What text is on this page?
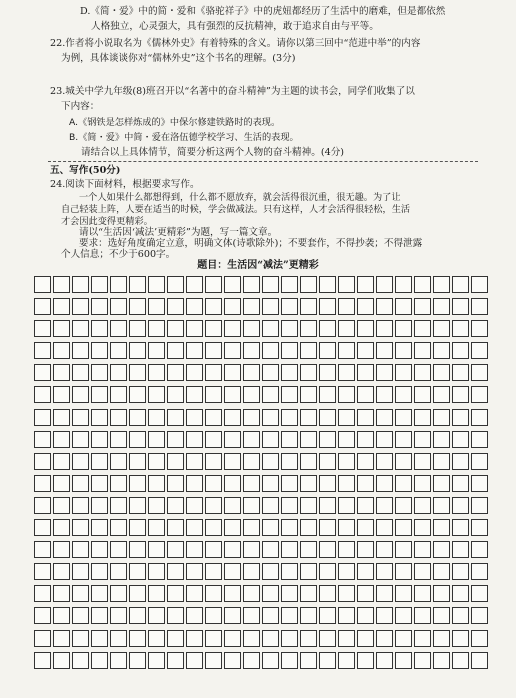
D.《简・爱》中的简・爱和《骆驼祥子》中的虎妞都经历了生活中的磨难，但是都依然
人格独立，心灵强大，具有强烈的反抗精神，敢于追求自由与平等。
22.作者将小说取名为《儒林外史》有着特殊的含义。请你以第三回中“范进中举”的内容
为例，具体谈谈你对“儒林外史”这个书名的理解。(3分)
23.城关中学九年级(8)班召开以“名著中的奋斗精神”为主题的读书会，同学们收集了以
下内容：
A.《钢铁是怎样炼成的》中保尔修建铁路时的表现。
B.《简・爱》中简・爱在洛伍德学校学习、生活的表现。
请结合以上具体情节，简要分析这两个人物的奋斗精神。(4分)
五、写作(50分)
24.阅读下面材料，根据要求写作。
一个人如果什么都想得到，什么都不愿放弃，就会活得很沉重，很无趣。为了让
自己轻装上阵，人要在适当的时候，学会做减法。只有这样，人才会活得很轻松，生活
才会因此变得更精彩。
请以“生活因‘减法’更精彩”为题，写一篇文章。
题目：生活因“减法”更精彩
要求：选好角度确定立意，明确文体(诗歌除外)；不要套作，不得抄袭；不得泄露
个人信息；不少于600字。
